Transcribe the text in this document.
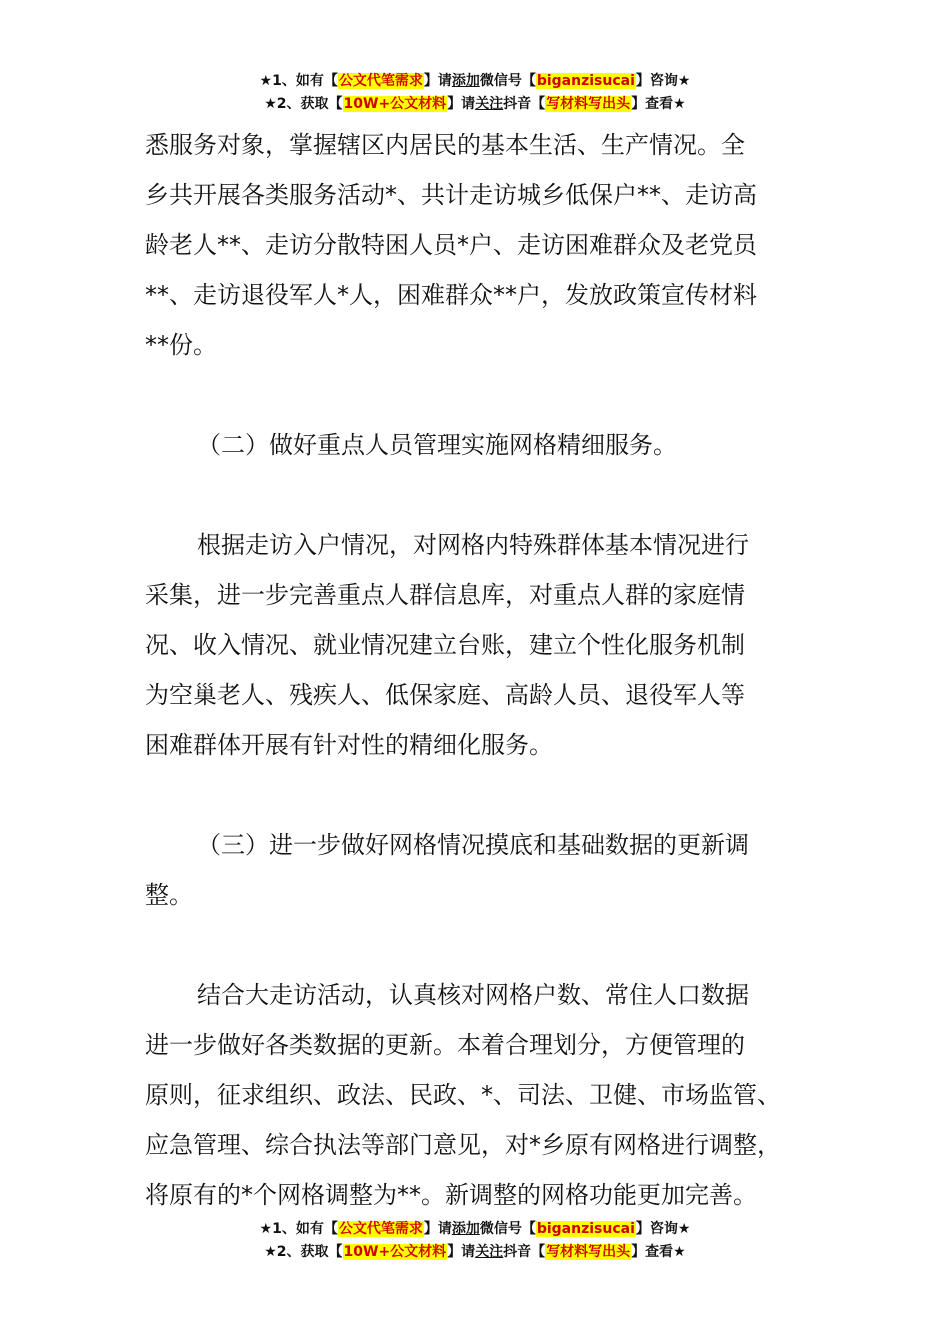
★1、如有【公文代笔需求】请添加微信号【biganzisucai】咨询★
★2、获取【10W+公文材料】请关注抖音【写材料写出头】查看★

悉服务对象，掌握辖区内居民的基本生活、生产情况。全
乡共开展各类服务活动*、共计走访城乡低保户**、走访高
龄老人**、走访分散特困人员*户、走访困难群众及老党员
**、走访退役军人*人，困难群众**户，发放政策宣传材料
**份。

（二）做好重点人员管理实施网格精细服务。

根据走访入户情况，对网格内特殊群体基本情况进行
采集，进一步完善重点人群信息库，对重点人群的家庭情
况、收入情况、就业情况建立台账，建立个性化服务机制
为空巢老人、残疾人、低保家庭、高龄人员、退役军人等
困难群体开展有针对性的精细化服务。

（三）进一步做好网格情况摸底和基础数据的更新调
整。

结合大走访活动，认真核对网格户数、常住人口数据
进一步做好各类数据的更新。本着合理划分，方便管理的
原则，征求组织、政法、民政、*、司法、卫健、市场监管、
应急管理、综合执法等部门意见，对*乡原有网格进行调整，
将原有的*个网格调整为**。新调整的网格功能更加完善。

★1、如有【公文代笔需求】请添加微信号【biganzisucai】咨询★
★2、获取【10W+公文材料】请关注抖音【写材料写出头】查看★
